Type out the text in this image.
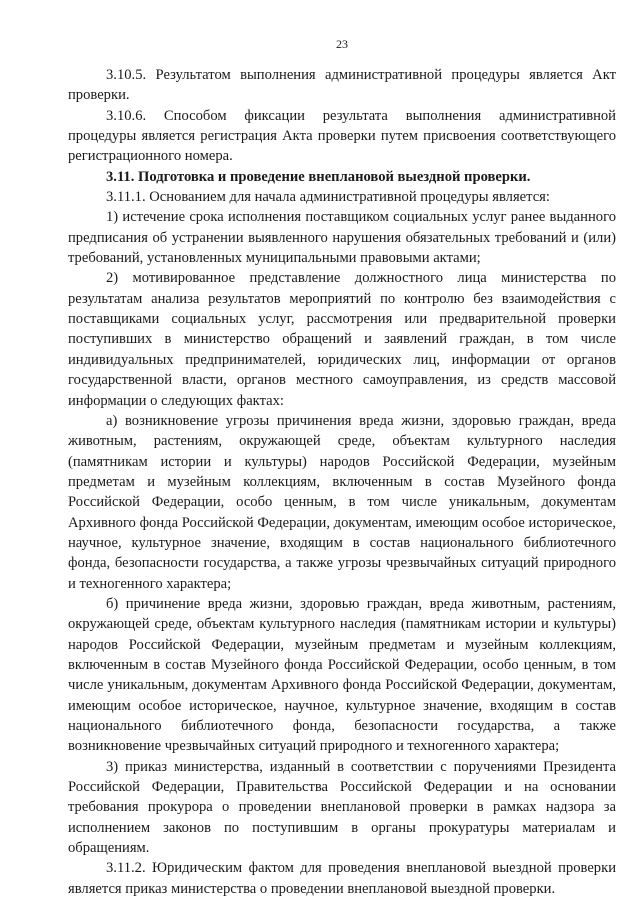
23

3.10.5. Результатом выполнения административной процедуры является Акт проверки.

3.10.6. Способом фиксации результата выполнения административной процедуры является регистрация Акта проверки путем присвоения соответствующего регистрационного номера.

3.11. Подготовка и проведение внеплановой выездной проверки.

3.11.1. Основанием для начала административной процедуры является:

1) истечение срока исполнения поставщиком социальных услуг ранее выданного предписания об устранении выявленного нарушения обязательных требований и (или) требований, установленных муниципальными правовыми актами;

2) мотивированное представление должностного лица министерства по результатам анализа результатов мероприятий по контролю без взаимодействия с поставщиками социальных услуг, рассмотрения или предварительной проверки поступивших в министерство обращений и заявлений граждан, в том числе индивидуальных предпринимателей, юридических лиц, информации от органов государственной власти, органов местного самоуправления, из средств массовой информации о следующих фактах:

а) возникновение угрозы причинения вреда жизни, здоровью граждан, вреда животным, растениям, окружающей среде, объектам культурного наследия (памятникам истории и культуры) народов Российской Федерации, музейным предметам и музейным коллекциям, включенным в состав Музейного фонда Российской Федерации, особо ценным, в том числе уникальным, документам Архивного фонда Российской Федерации, документам, имеющим особое историческое, научное, культурное значение, входящим в состав национального библиотечного фонда, безопасности государства, а также угрозы чрезвычайных ситуаций природного и техногенного характера;

б) причинение вреда жизни, здоровью граждан, вреда животным, растениям, окружающей среде, объектам культурного наследия (памятникам истории и культуры) народов Российской Федерации, музейным предметам и музейным коллекциям, включенным в состав Музейного фонда Российской Федерации, особо ценным, в том числе уникальным, документам Архивного фонда Российской Федерации, документам, имеющим особое историческое, научное, культурное значение, входящим в состав национального библиотечного фонда, безопасности государства, а также возникновение чрезвычайных ситуаций природного и техногенного характера;

3) приказ министерства, изданный в соответствии с поручениями Президента Российской Федерации, Правительства Российской Федерации и на основании требования прокурора о проведении внеплановой проверки в рамках надзора за исполнением законов по поступившим в органы прокуратуры материалам и обращениям.

3.11.2. Юридическим фактом для проведения внеплановой выездной проверки является приказ министерства о проведении внеплановой выездной проверки.
